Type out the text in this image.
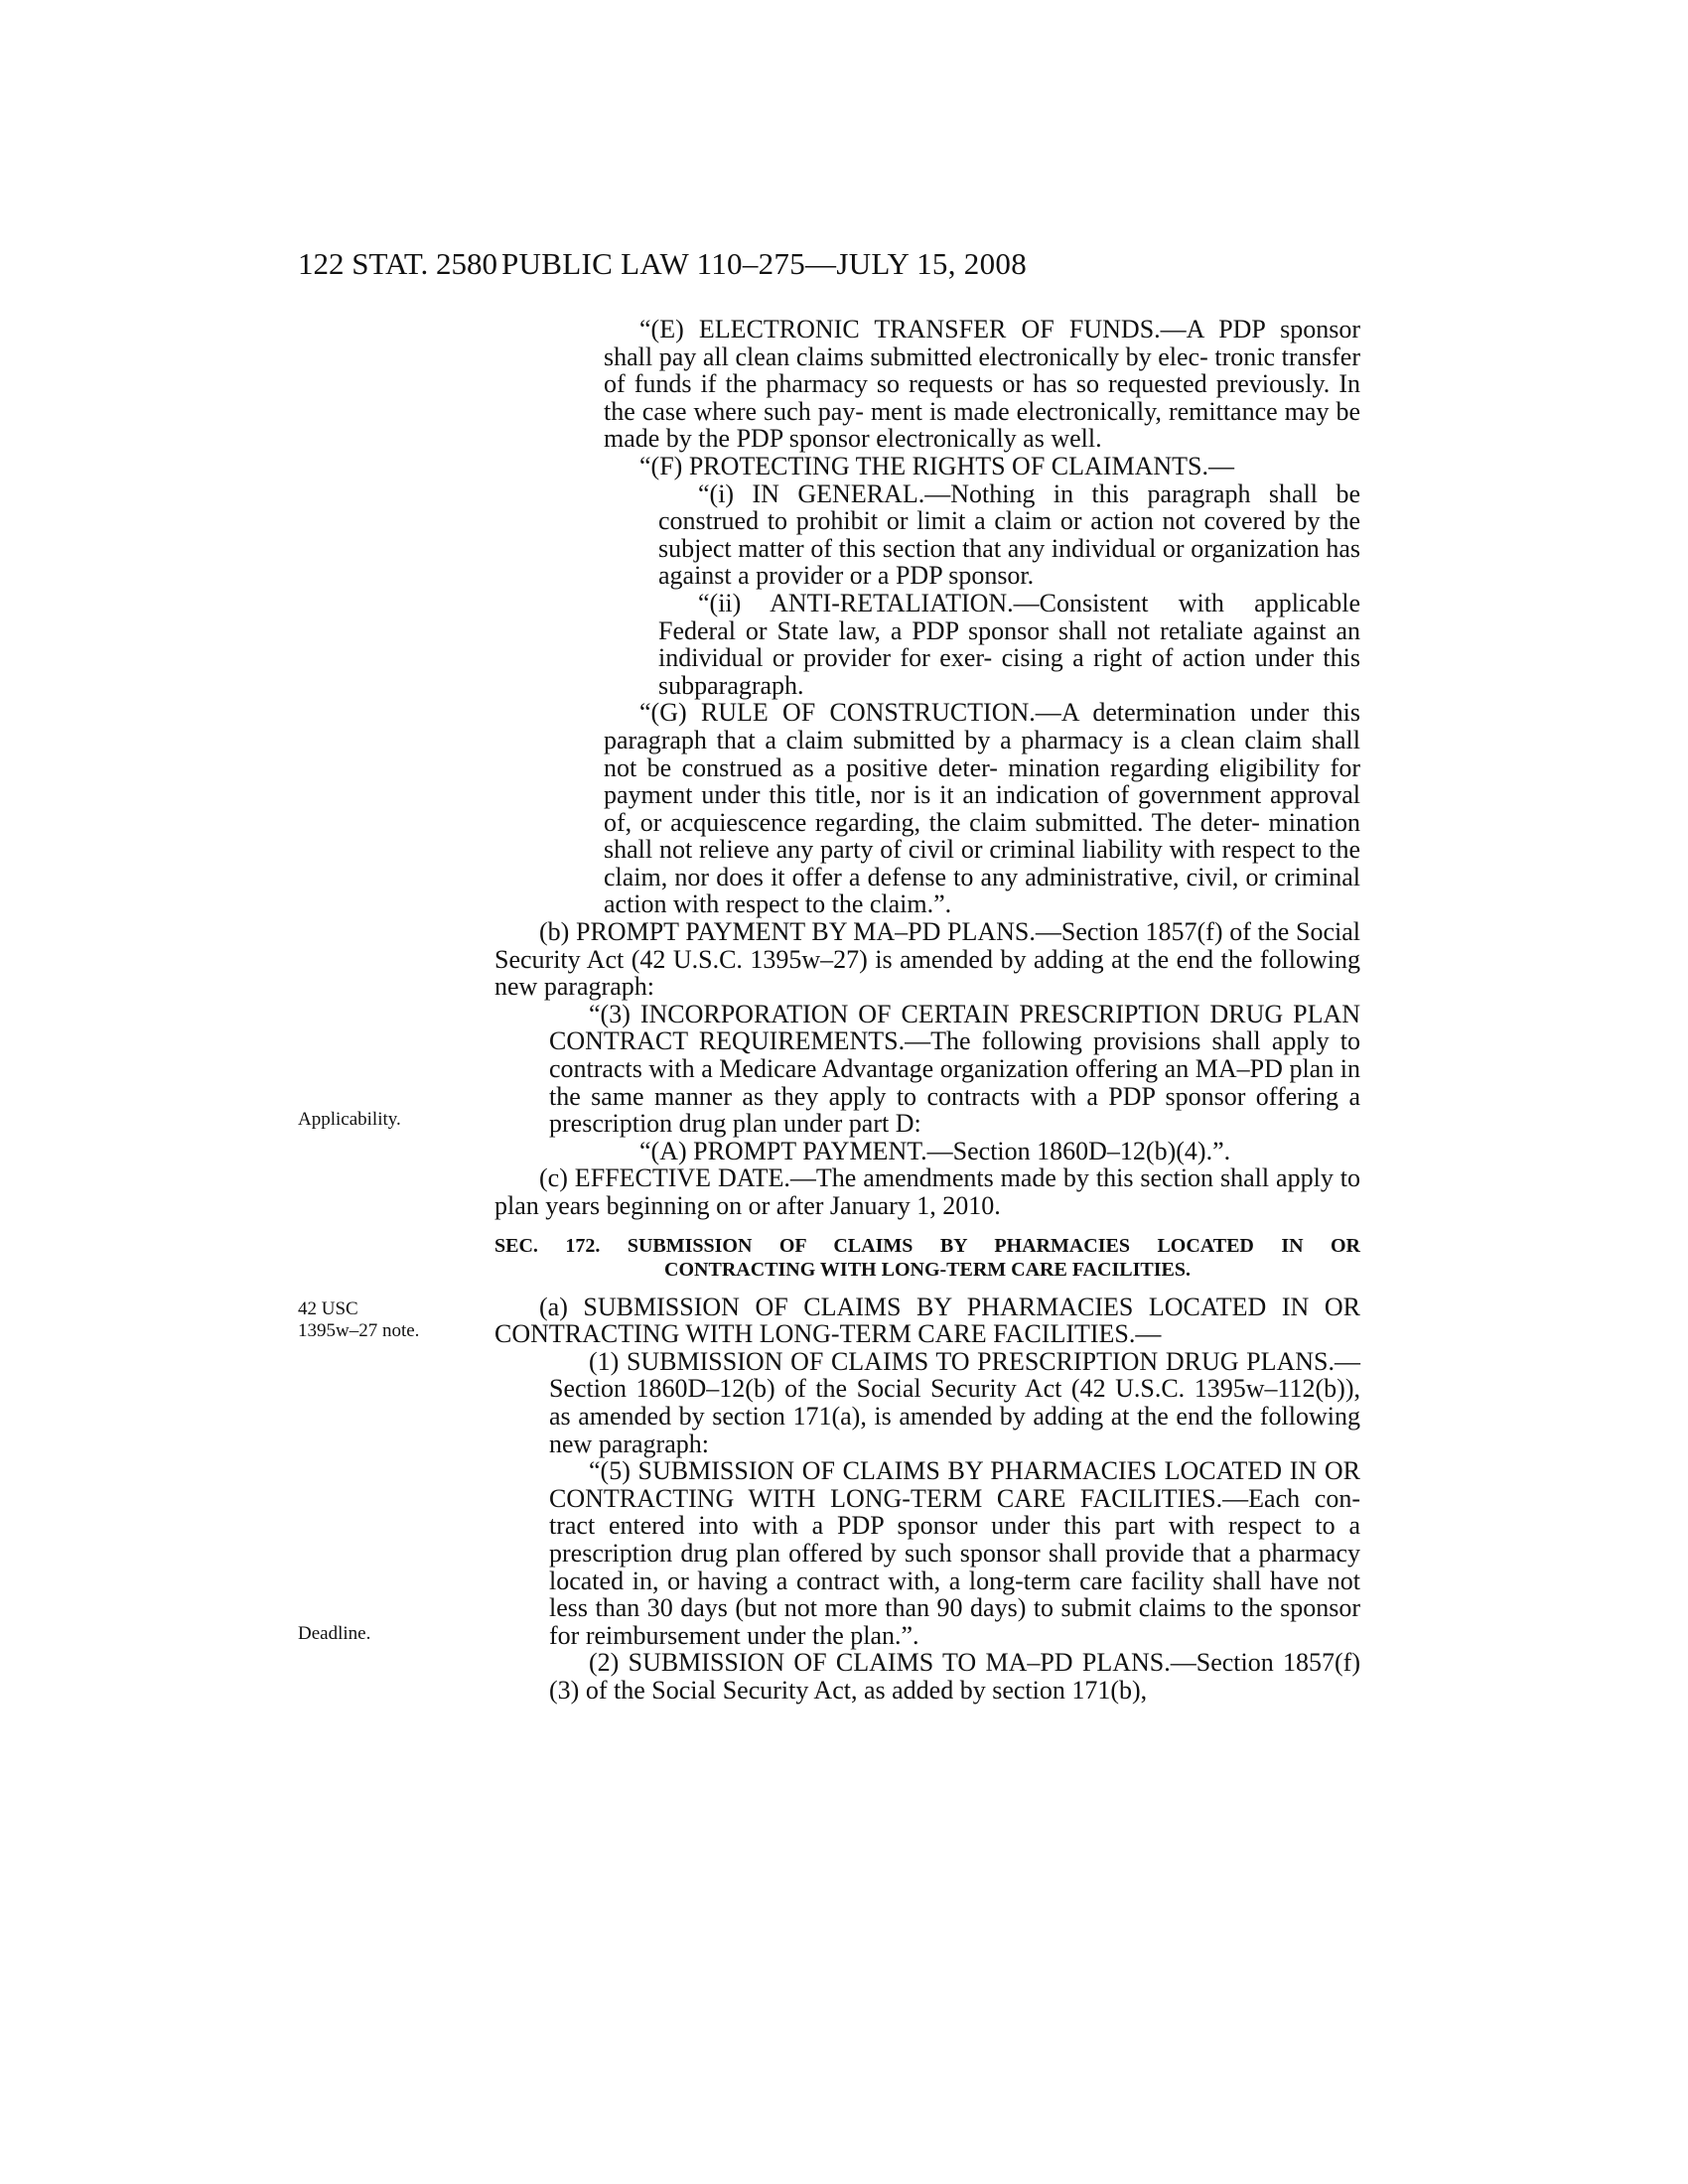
122 STAT. 2580 PUBLIC LAW 110–275—JULY 15, 2008
Applicability.
42 USC
1395w–27 note.
Deadline.

“(E) ELECTRONIC TRANSFER OF FUNDS.—A PDP sponsor shall pay all clean claims submitted electronically by elec- tronic transfer of funds if the pharmacy so requests or has so requested previously. In the case where such pay- ment is made electronically, remittance may be made by the PDP sponsor electronically as well.

“(F) PROTECTING THE RIGHTS OF CLAIMANTS.—

“(i) IN GENERAL.—Nothing in this paragraph shall be construed to prohibit or limit a claim or action not covered by the subject matter of this section that any individual or organization has against a provider or a PDP sponsor.

“(ii) ANTI-RETALIATION.—Consistent with applicable Federal or State law, a PDP sponsor shall not retaliate against an individual or provider for exer- cising a right of action under this subparagraph.

“(G) RULE OF CONSTRUCTION.—A determination under this paragraph that a claim submitted by a pharmacy is a clean claim shall not be construed as a positive deter- mination regarding eligibility for payment under this title, nor is it an indication of government approval of, or acquiescence regarding, the claim submitted. The deter- mination shall not relieve any party of civil or criminal liability with respect to the claim, nor does it offer a defense to any administrative, civil, or criminal action with respect to the claim.”.

(b) PROMPT PAYMENT BY MA–PD PLANS.—Section 1857(f) of the Social Security Act (42 U.S.C. 1395w–27) is amended by adding at the end the following new paragraph:

“(3) INCORPORATION OF CERTAIN PRESCRIPTION DRUG PLAN CONTRACT REQUIREMENTS.—The following provisions shall apply to contracts with a Medicare Advantage organization offering an MA–PD plan in the same manner as they apply to contracts with a PDP sponsor offering a prescription drug plan under part D:

“(A) PROMPT PAYMENT.—Section 1860D–12(b)(4).”.

(c) EFFECTIVE DATE.—The amendments made by this section shall apply to plan years beginning on or after January 1, 2010.

SEC. 172. SUBMISSION OF CLAIMS BY PHARMACIES LOCATED IN OR
CONTRACTING WITH LONG-TERM CARE FACILITIES.

(a) SUBMISSION OF CLAIMS BY PHARMACIES LOCATED IN OR CONTRACTING WITH LONG-TERM CARE FACILITIES.—

(1) SUBMISSION OF CLAIMS TO PRESCRIPTION DRUG PLANS.— Section 1860D–12(b) of the Social Security Act (42 U.S.C. 1395w–112(b)), as amended by section 171(a), is amended by adding at the end the following new paragraph:

“(5) SUBMISSION OF CLAIMS BY PHARMACIES LOCATED IN OR CONTRACTING WITH LONG-TERM CARE FACILITIES.—Each con- tract entered into with a PDP sponsor under this part with respect to a prescription drug plan offered by such sponsor shall provide that a pharmacy located in, or having a contract with, a long-term care facility shall have not less than 30 days (but not more than 90 days) to submit claims to the sponsor for reimbursement under the plan.”.

(2) SUBMISSION OF CLAIMS TO MA–PD PLANS.—Section 1857(f)(3) of the Social Security Act, as added by section 171(b),
